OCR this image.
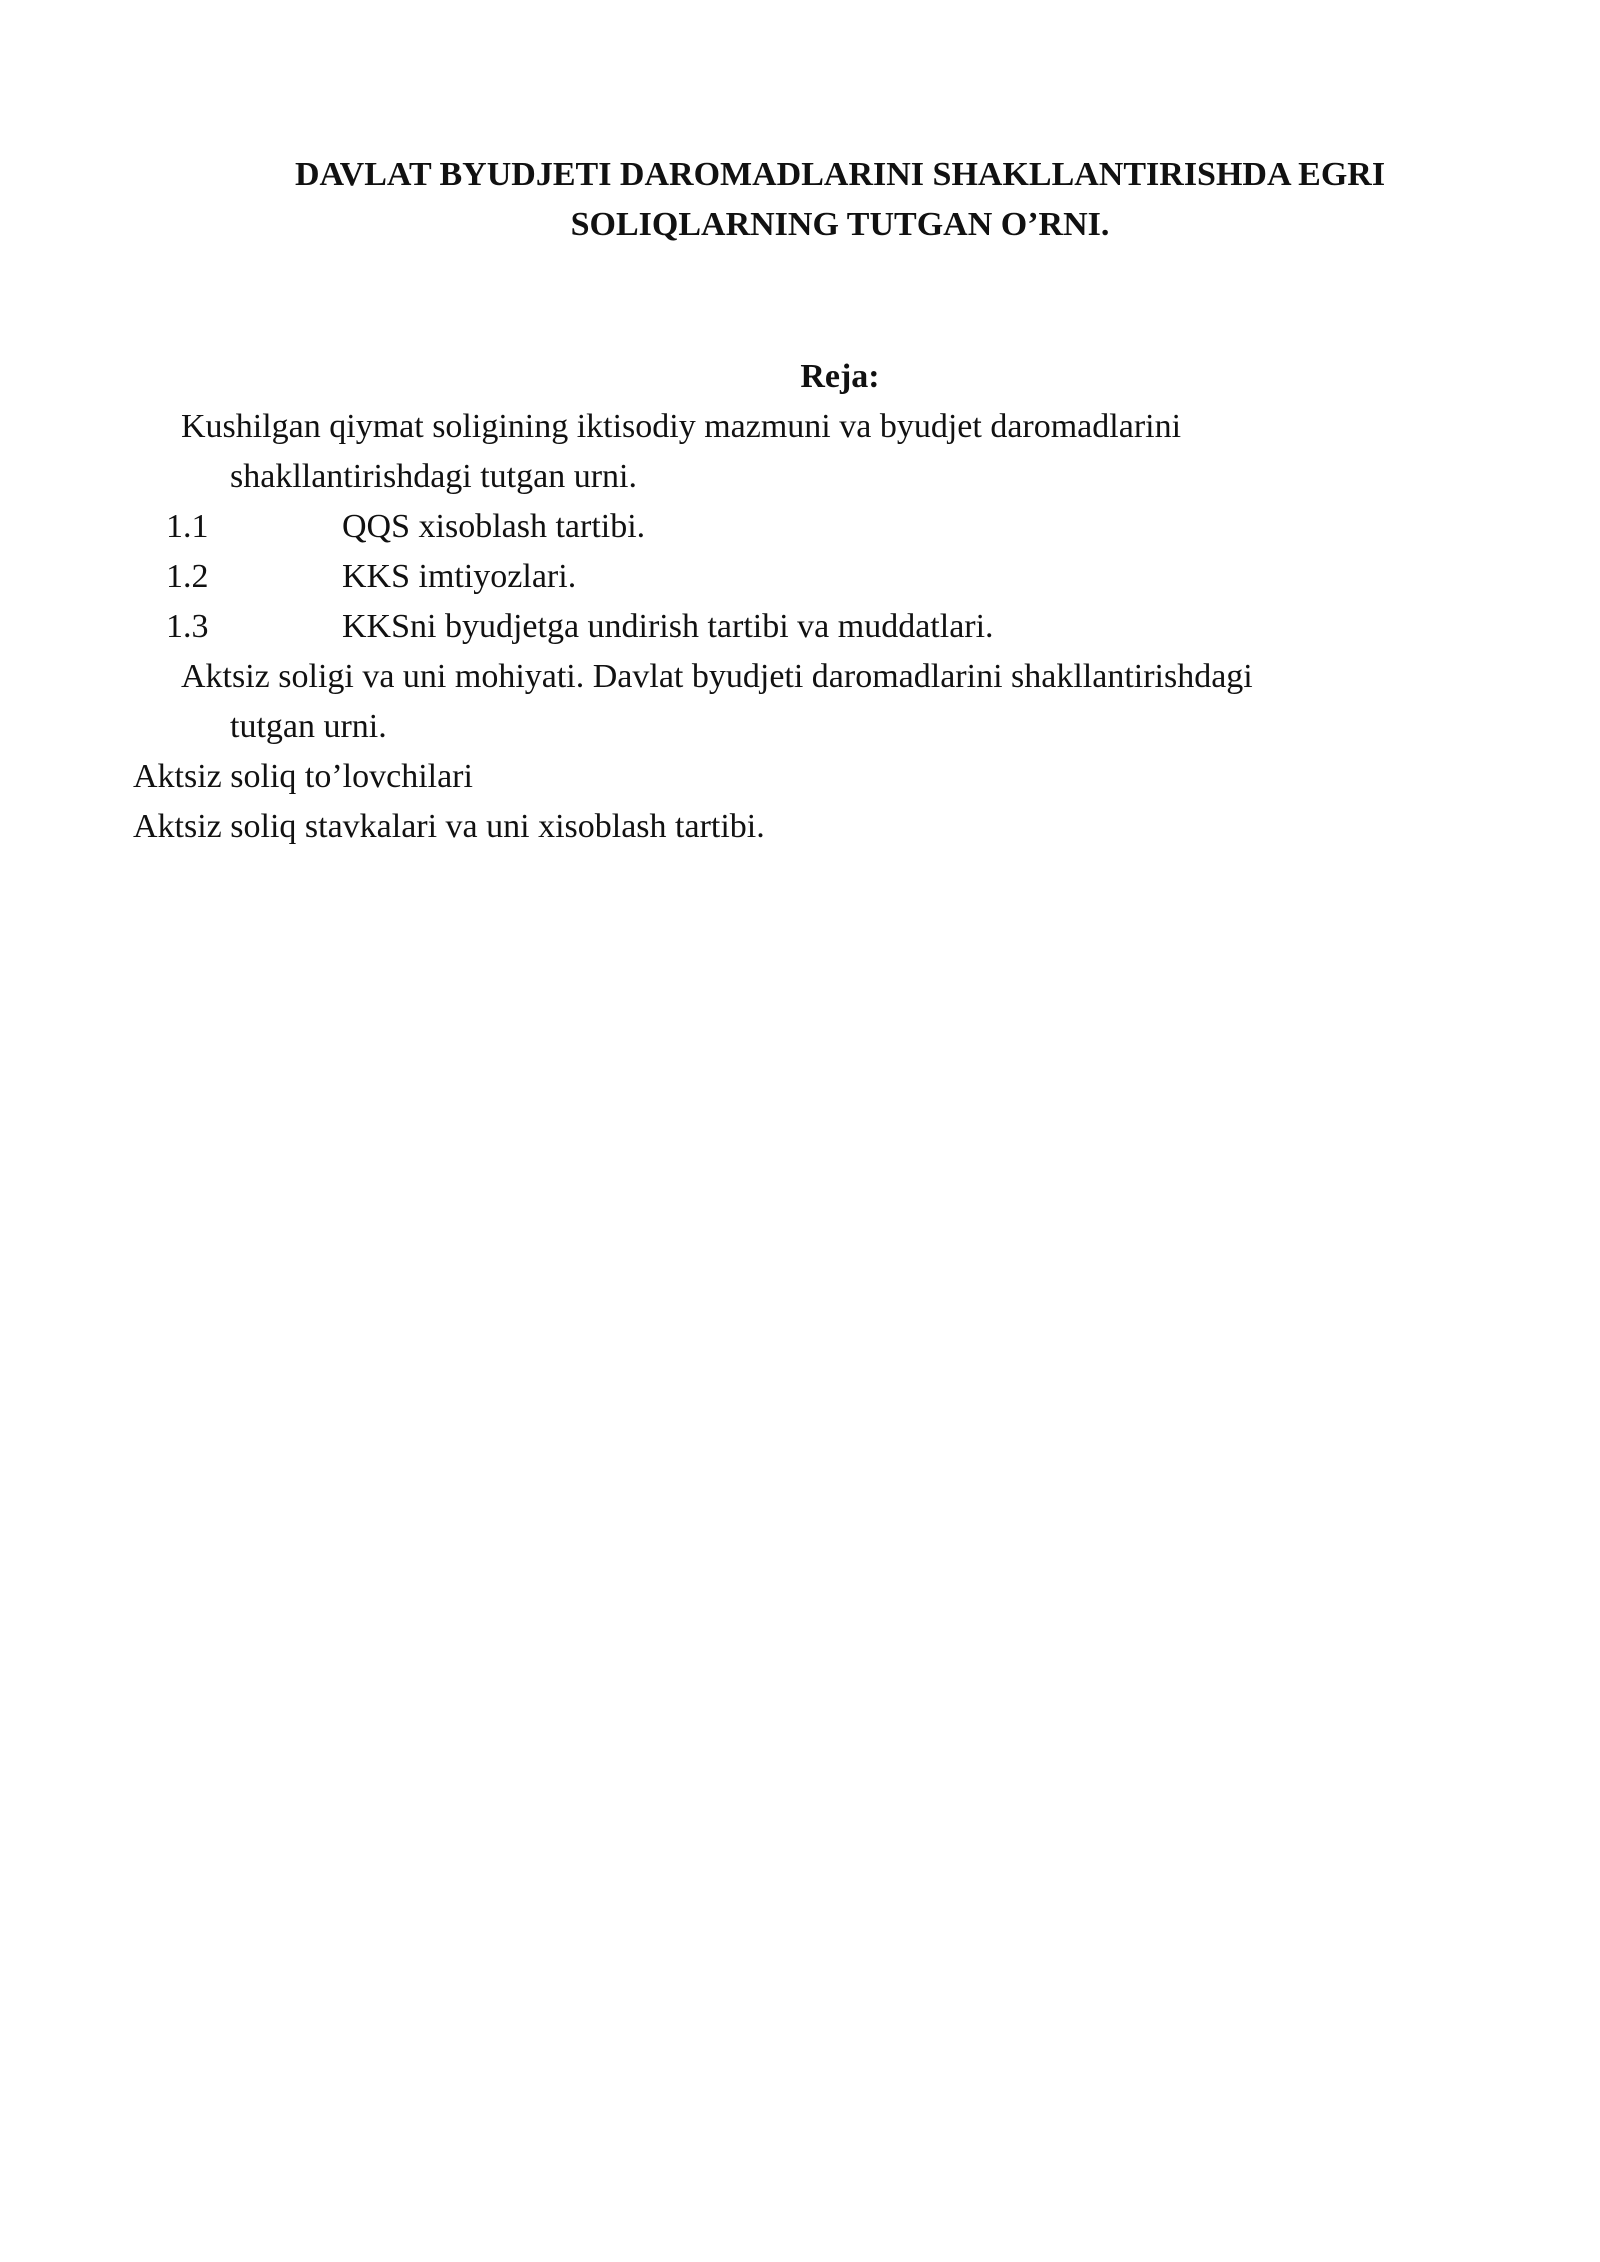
DAVLAT BYUDJETI DAROMADLARINI SHAKLLANTIRISHDA EGRI
SOLIQLARNING TUTGAN O’RNI.
Reja:

Kushilgan qiymat soligining iktisodiy mazmuni va byudjet daromadlarini

shakllantirishdagi tutgan urni.

1.1	QQS xisoblash tartibi.

1.2	KKS imtiyozlari.

1.3	KKSni byudjetga undirish tartibi va muddatlari.

Aktsiz soligi va uni mohiyati. Davlat byudjeti daromadlarini shakllantirishdagi

tutgan urni.

Aktsiz soliq to’lovchilari

Aktsiz soliq stavkalari va uni xisoblash tartibi.
